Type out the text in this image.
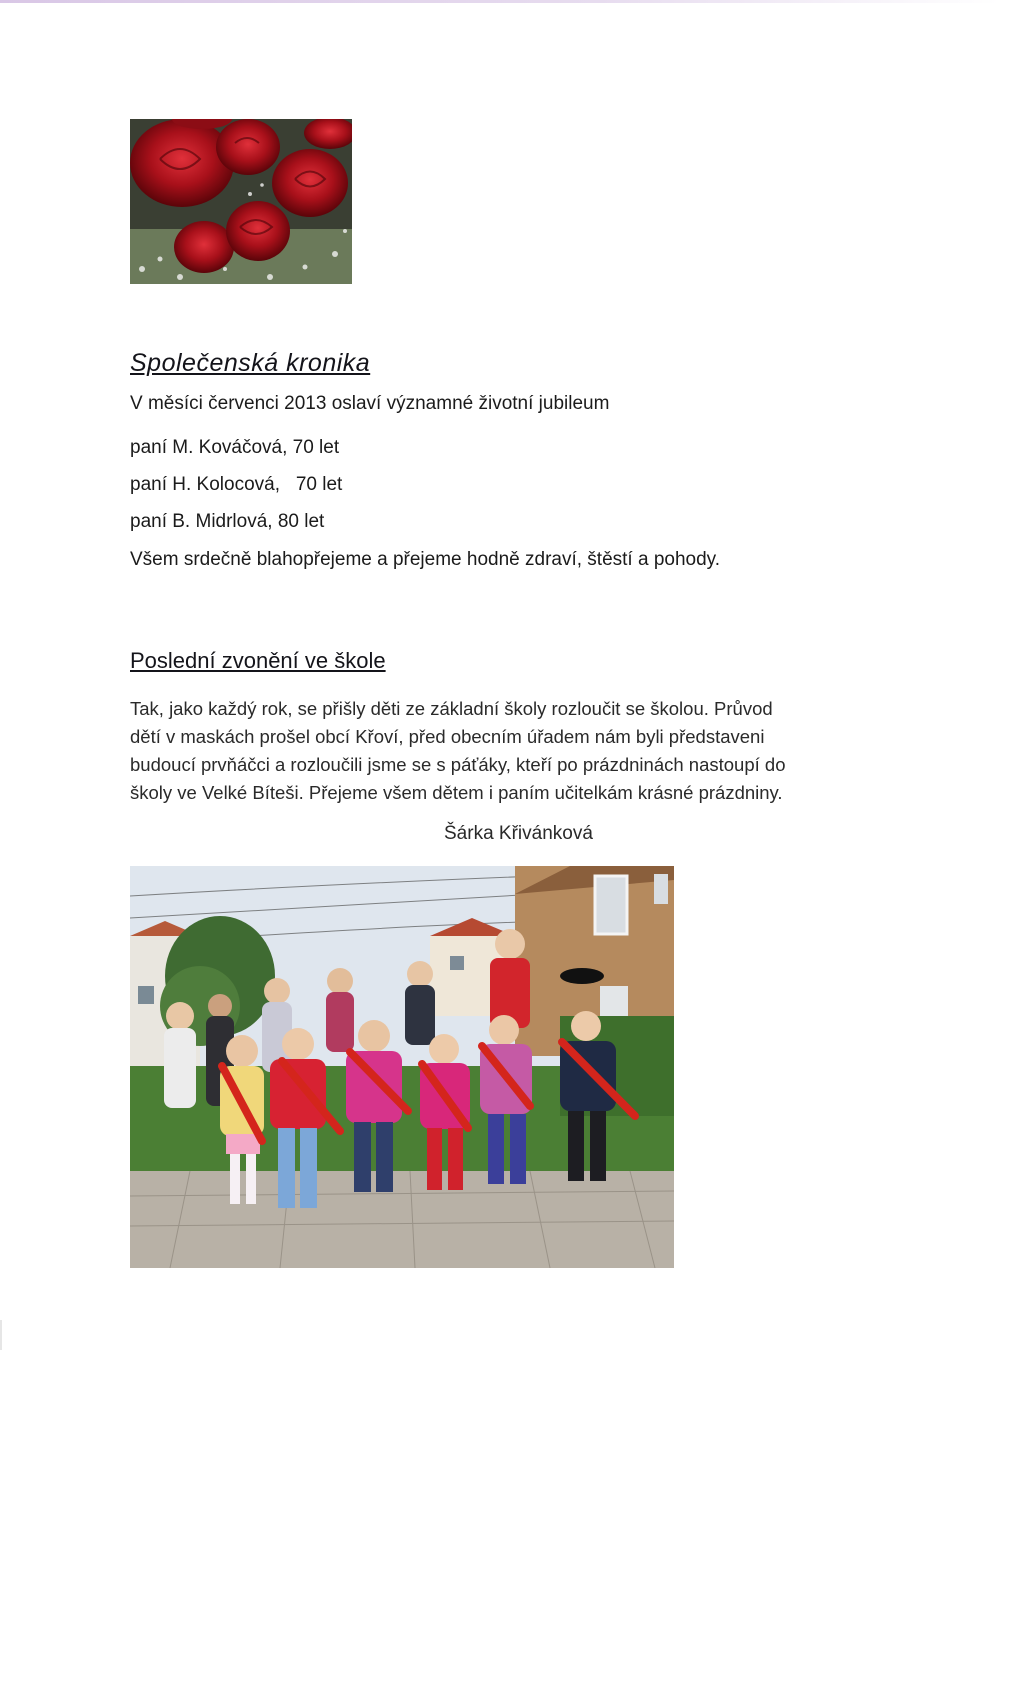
Společenská kronika
V měsíci červenci 2013 oslaví významné životní jubileum
paní M. Kováčová, 70 let
paní H. Kolocová,   70 let
paní B. Midrlová, 80 let
Všem srdečně blahopřejeme a přejeme hodně zdraví, štěstí a pohody.
Poslední zvonění ve škole
Tak, jako každý rok, se přišly děti ze základní školy rozloučit se školou. Průvod
dětí v maskách prošel obcí Křoví, před obecním úřadem nám byli představeni
budoucí prvňáčci a rozloučili jsme se s páťáky, kteří po prázdninách nastoupí do
školy ve Velké Bíteši. Přejeme všem dětem i paním učitelkám krásné prázdniny.
Šárka Křivánková
